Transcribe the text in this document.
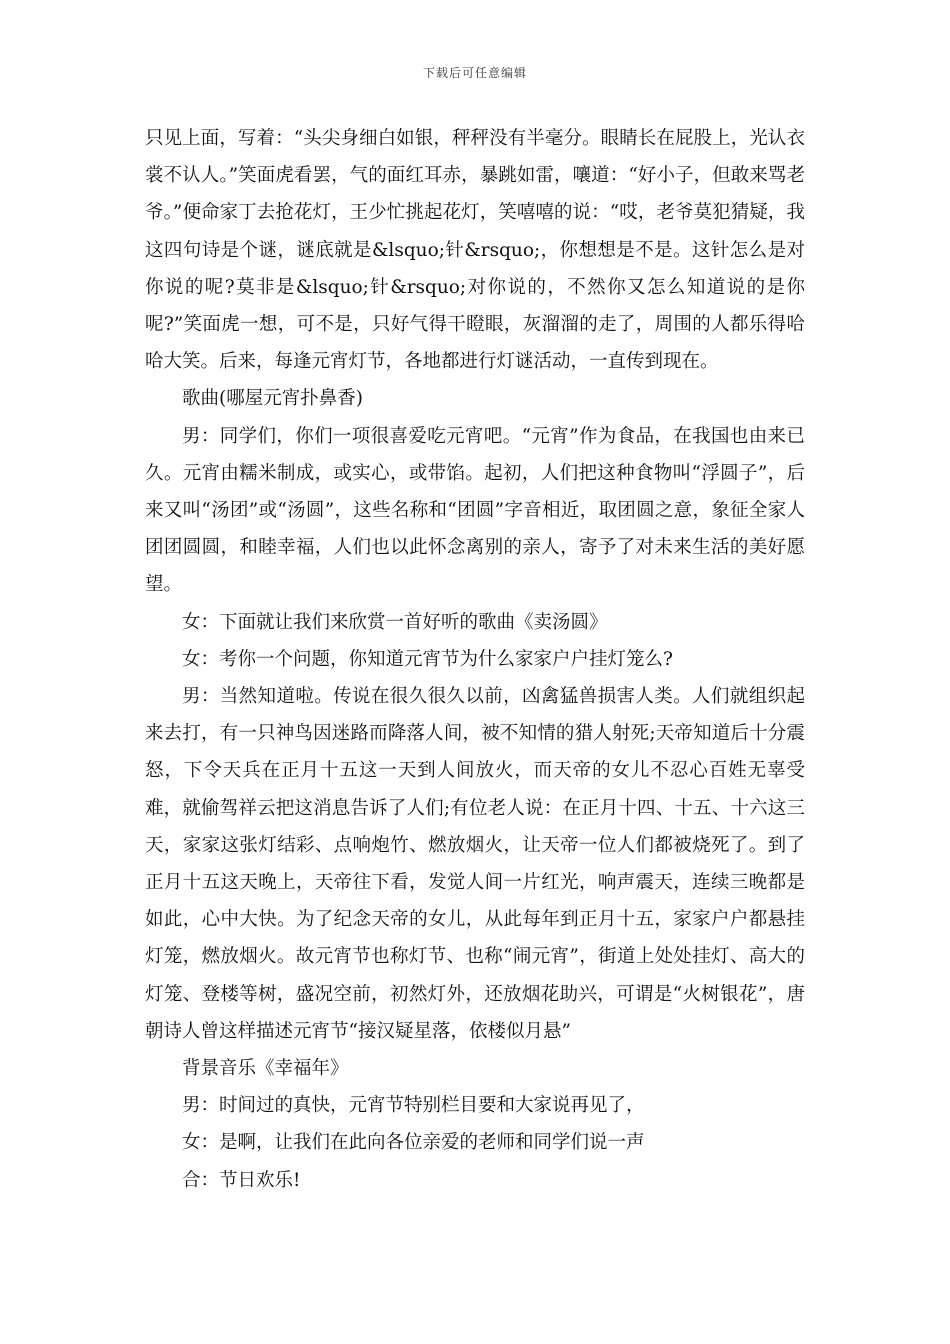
下载后可任意编辑

只见上面，写着：“头尖身细白如银，秤秤没有半毫分。眼睛长在屁股上，光认衣裳不认人。”笑面虎看罢，气的面红耳赤，暴跳如雷，嚷道：“好小子，但敢来骂老爷。”便命家丁去抢花灯，王少忙挑起花灯，笑嘻嘻的说：“哎，老爷莫犯猜疑，我这四句诗是个谜，谜底就是&lsquo;针&rsquo;，你想想是不是。这针怎么是对你说的呢?莫非是&lsquo;针&rsquo;对你说的，不然你又怎么知道说的是你呢?”笑面虎一想，可不是，只好气得干瞪眼，灰溜溜的走了，周围的人都乐得哈哈大笑。后来，每逢元宵灯节，各地都进行灯谜活动，一直传到现在。

歌曲(哪屋元宵扑鼻香)

男：同学们，你们一项很喜爱吃元宵吧。“元宵”作为食品，在我国也由来已久。元宵由糯米制成，或实心，或带馅。起初，人们把这种食物叫“浮圆子”，后来又叫“汤团”或“汤圆”，这些名称和“团圆”字音相近，取团圆之意，象征全家人团团圆圆，和睦幸福，人们也以此怀念离别的亲人，寄予了对未来生活的美好愿望。

女：下面就让我们来欣赏一首好听的歌曲《卖汤圆》

女：考你一个问题，你知道元宵节为什么家家户户挂灯笼么?

男：当然知道啦。传说在很久很久以前，凶禽猛兽损害人类。人们就组织起来去打，有一只神鸟因迷路而降落人间，被不知情的猎人射死;天帝知道后十分震怒，下令天兵在正月十五这一天到人间放火，而天帝的女儿不忍心百姓无辜受难，就偷驾祥云把这消息告诉了人们;有位老人说：在正月十四、十五、十六这三天，家家这张灯结彩、点响炮竹、燃放烟火，让天帝一位人们都被烧死了。到了正月十五这天晚上，天帝往下看，发觉人间一片红光，响声震天，连续三晚都是如此，心中大快。为了纪念天帝的女儿，从此每年到正月十五，家家户户都悬挂灯笼，燃放烟火。故元宵节也称灯节、也称“闹元宵”，街道上处处挂灯、高大的灯笼、登楼等树，盛况空前，初然灯外，还放烟花助兴，可谓是“火树银花”，唐朝诗人曾这样描述元宵节“接汉疑星落，依楼似月悬”

背景音乐《幸福年》

男：时间过的真快，元宵节特别栏目要和大家说再见了，

女：是啊，让我们在此向各位亲爱的老师和同学们说一声

合：节日欢乐!
